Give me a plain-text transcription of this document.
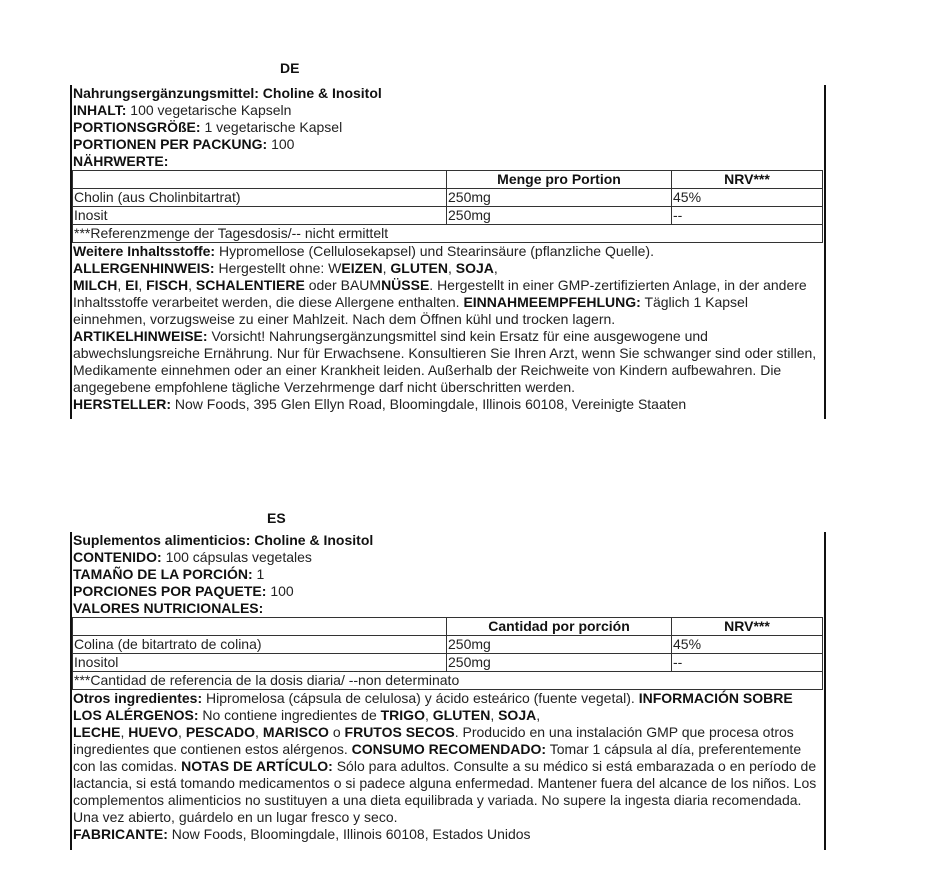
DE
Nahrungsergänzungsmittel: Choline & Inositol
INHALT: 100 vegetarische Kapseln
PORTIONSGRÖßE: 1 vegetarische Kapsel
PORTIONEN PER PACKUNG: 100
NÄHRWERTE:
	Menge pro Portion	NRV***
Cholin (aus Cholinbitartrat)	250mg	45%
Inosit	250mg	--
***Referenzmenge der Tagesdosis/-- nicht ermittelt		
Weitere Inhaltsstoffe: Hypromellose (Cellulosekapsel) und Stearinsäure (pflanzliche Quelle).
ALLERGENHINWEIS: Hergestellt ohne: WEIZEN, GLUTEN, SOJA,
MILCH, EI, FISCH, SCHALENTIERE oder BAUMNÜSSE. Hergestellt in einer GMP-zertifizierten Anlage, in der andere Inhaltsstoffe verarbeitet werden, die diese Allergene enthalten. EINNAHMEEMPFEHLUNG: Täglich 1 Kapsel einnehmen, vorzugsweise zu einer Mahlzeit. Nach dem Öffnen kühl und trocken lagern.
ARTIKELHINWEISE: Vorsicht! Nahrungsergänzungsmittel sind kein Ersatz für eine ausgewogene und abwechslungsreiche Ernährung. Nur für Erwachsene. Konsultieren Sie Ihren Arzt, wenn Sie schwanger sind oder stillen, Medikamente einnehmen oder an einer Krankheit leiden. Außerhalb der Reichweite von Kindern aufbewahren. Die angegebene empfohlene tägliche Verzehrmenge darf nicht überschritten werden.
HERSTELLER: Now Foods, 395 Glen Ellyn Road, Bloomingdale, Illinois 60108, Vereinigte Staaten
ES
Suplementos alimenticios: Choline & Inositol
CONTENIDO: 100 cápsulas vegetales
TAMAÑO DE LA PORCIÓN: 1
PORCIONES POR PAQUETE: 100
VALORES NUTRICIONALES:
	Cantidad por porción	NRV***
Colina (de bitartrato de colina)	250mg	45%
Inositol	250mg	--
***Cantidad de referencia de la dosis diaria/ --non determinato		
Otros ingredientes: Hipromelosa (cápsula de celulosa) y ácido esteárico (fuente vegetal). INFORMACIÓN SOBRE LOS ALÉRGENOS: No contiene ingredientes de TRIGO, GLUTEN, SOJA,
LECHE, HUEVO, PESCADO, MARISCO o FRUTOS SECOS. Producido en una instalación GMP que procesa otros ingredientes que contienen estos alérgenos. CONSUMO RECOMENDADO: Tomar 1 cápsula al día, preferentemente con las comidas. NOTAS DE ARTÍCULO: Sólo para adultos. Consulte a su médico si está embarazada o en período de lactancia, si está tomando medicamentos o si padece alguna enfermedad. Mantener fuera del alcance de los niños. Los complementos alimenticios no sustituyen a una dieta equilibrada y variada. No supere la ingesta diaria recomendada. Una vez abierto, guárdelo en un lugar fresco y seco.
FABRICANTE: Now Foods, Bloomingdale, Illinois 60108, Estados Unidos
